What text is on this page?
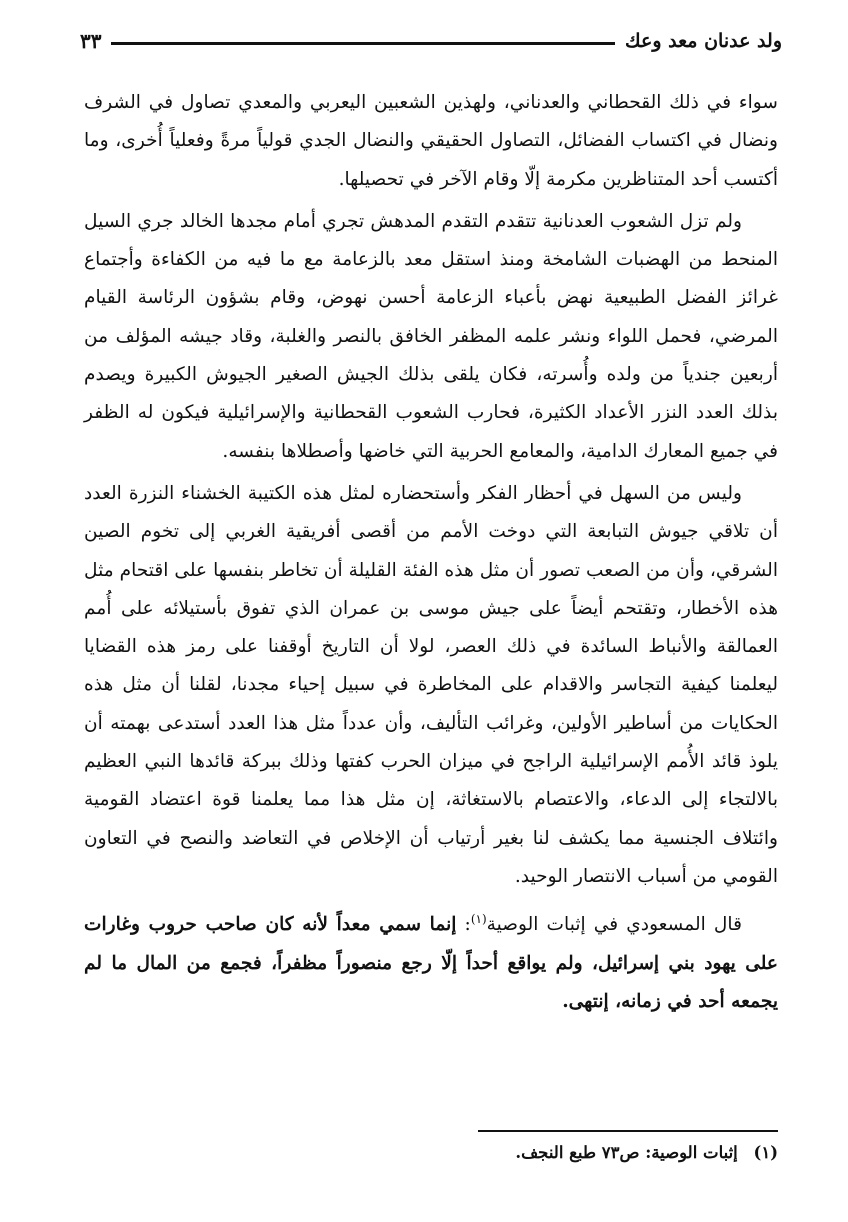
ولد عدنان معد وعك
٣٣

سواء في ذلك القحطاني والعدناني، ولهذين الشعبين اليعربي والمعدي تصاول في الشرف ونضال في اكتساب الفضائل، التصاول الحقيقي والنضال الجدي قولياً مرةً وفعلياً أُخرى، وما أكتسب أحد المتناظرين مكرمة إلّا وقام الآخر في تحصيلها.

ولم تزل الشعوب العدنانية تتقدم التقدم المدهش تجري أمام مجدها الخالد جري السيل المنحط من الهضبات الشامخة ومنذ استقل معد بالزعامة مع ما فيه من الكفاءة وأجتماع غرائز الفضل الطبيعية نهض بأعباء الزعامة أحسن نهوض، وقام بشؤون الرئاسة القيام المرضي، فحمل اللواء ونشر علمه المظفر الخافق بالنصر والغلبة، وقاد جيشه المؤلف من أربعين جندياً من ولده وأُسرته، فكان يلقى بذلك الجيش الصغير الجيوش الكبيرة ويصدم بذلك العدد النزر الأعداد الكثيرة، فحارب الشعوب القحطانية والإسرائيلية فيكون له الظفر في جميع المعارك الدامية، والمعامع الحربية التي خاضها وأصطلاها بنفسه.

وليس من السهل في أحظار الفكر وأستحضاره لمثل هذه الكتيبة الخشناء النزرة العدد أن تلاقي جيوش التبابعة التي دوخت الأمم من أقصى أفريقية الغربي إلى تخوم الصين الشرقي، وأن من الصعب تصور أن مثل هذه الفئة القليلة أن تخاطر بنفسها على اقتحام مثل هذه الأخطار، وتقتحم أيضاً على جيش موسى بن عمران الذي تفوق بأستيلائه على أُمم العمالقة والأنباط السائدة في ذلك العصر، لولا أن التاريخ أوقفنا على رمز هذه القضايا ليعلمنا كيفية التجاسر والاقدام على المخاطرة في سبيل إحياء مجدنا، لقلنا أن مثل هذه الحكايات من أساطير الأولين، وغرائب التأليف، وأن عدداً مثل هذا العدد أستدعى بهمته أن يلوذ قائد الأُمم الإسرائيلية الراجح في ميزان الحرب كفتها وذلك ببركة قائدها النبي العظيم بالالتجاء إلى الدعاء، والاعتصام بالاستغاثة، إن مثل هذا مما يعلمنا قوة اعتضاد القومية وائتلاف الجنسية مما يكشف لنا بغير أرتياب أن الإخلاص في التعاضد والنصح في التعاون القومي من أسباب الانتصار الوحيد.

قال المسعودي في إثبات الوصية$^{(١)}$: إنما سمي معداً لأنه كان صاحب حروب وغارات على يهود بني إسرائيل، ولم يواقع أحداً إلّا رجع منصوراً مظفراً، فجمع من المال ما لم يجمعه أحد في زمانه، إنتهى.

(١) إثبات الوصية: ص٧٣ طبع النجف.
